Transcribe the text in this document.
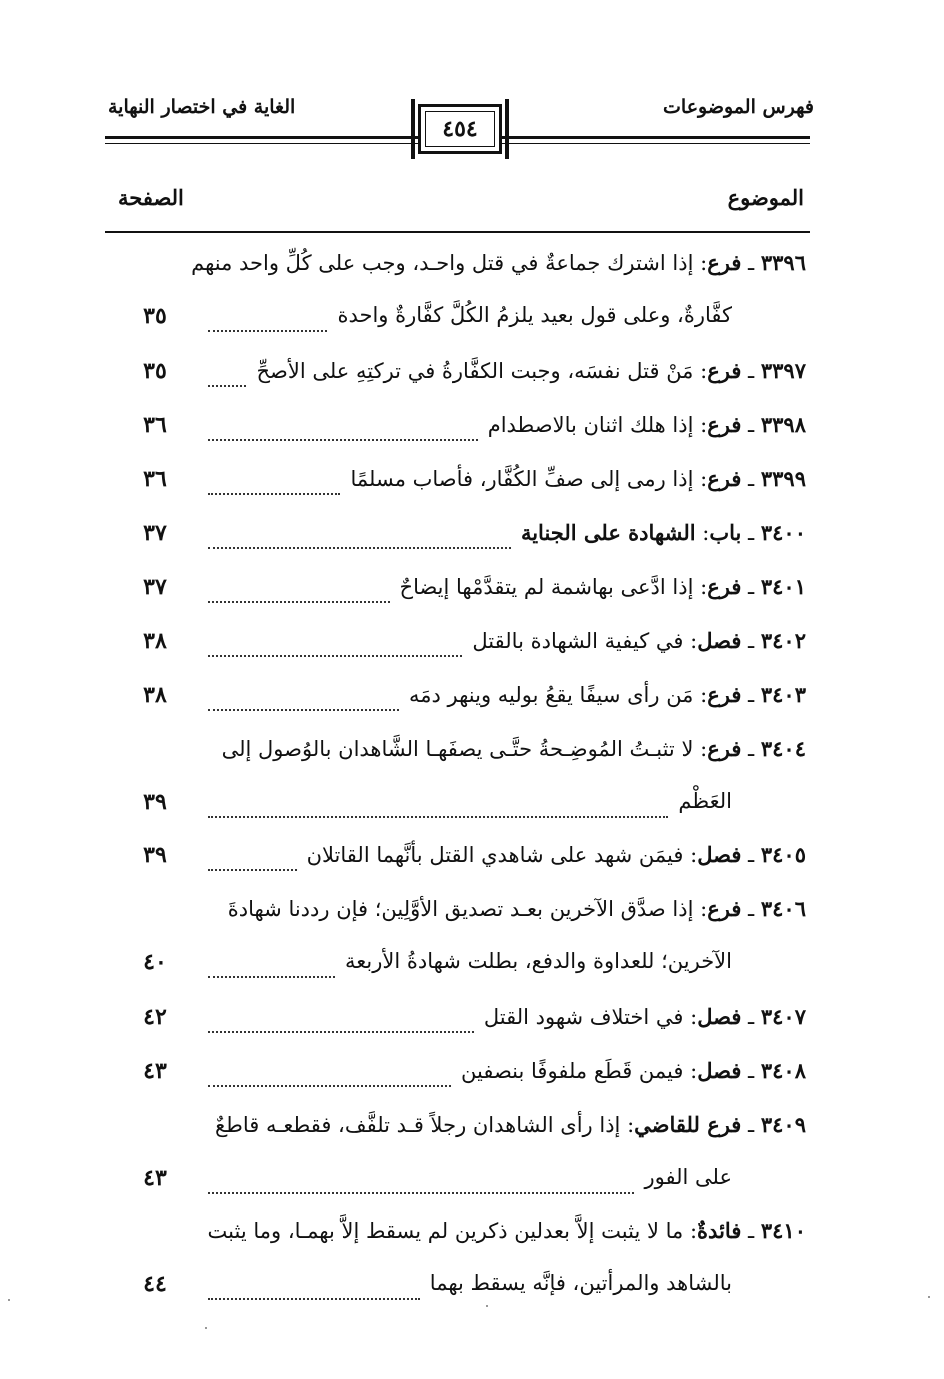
فهرس الموضوعات
الغاية في اختصار النهاية
٤٥٤
الموضوع
الصفحة
٣٣٩٦ ـ فرع: إذا اشترك جماعةٌ في قتل واحـد، وجب على كُلِّ واحد منهم
كفَّارةٌ، وعلى قول بعيد يلزمُ الكُلَّ كفَّارةٌ واحدة
٣٥
٣٣٩٧ ـ فرع: مَنْ قتل نفسَه، وجبت الكفَّارةُ في تركتِهِ على الأصحِّ
٣٥
٣٣٩٨ ـ فرع: إذا هلك اثنان بالاصطدام
٣٦
٣٣٩٩ ـ فرع: إذا رمى إلى صفِّ الكُفَّار، فأصاب مسلمًا
٣٦
٣٤٠٠ ـ باب: الشهادة على الجناية
٣٧
٣٤٠١ ـ فرع: إذا ادَّعى بهاشمة لم يتقدَّمْها إيضاحٌ
٣٧
٣٤٠٢ ـ فصل: في كيفية الشهادة بالقتل
٣٨
٣٤٠٣ ـ فرع: مَن رأى سيفًا يقعُ بوليه وينهر دمَه
٣٨
٣٤٠٤ ـ فرع: لا تثبـتُ المُوضِـحةُ حتَّـى يصفَهـا الشَّاهدان بالوُصول إلى
العَظْم
٣٩
٣٤٠٥ ـ فصل: فيمَن شهد على شاهدي القتل بأنَّهما القاتلان
٣٩
٣٤٠٦ ـ فرع: إذا صدَّق الآخرين بعـد تصديق الأوَّلِين؛ فإن رددنا شهادةَ
الآخرين؛ للعداوة والدفع، بطلت شهادةُ الأربعة
٤٠
٣٤٠٧ ـ فصل: في اختلاف شهود القتل
٤٢
٣٤٠٨ ـ فصل: فيمن قَطَع ملفوفًا بنصفين
٤٣
٣٤٠٩ ـ فرع للقاضي: إذا رأى الشاهدان رجلاً قـد تلفَّف، فقطعـه قاطعٌ
على الفور
٤٣
٣٤١٠ ـ فائدةٌ: ما لا يثبت إلاَّ بعدلين ذكرين لم يسقط إلاَّ بهمـا، وما يثبت
بالشاهد والمرأتين، فإنَّه يسقط بهما
٤٤
